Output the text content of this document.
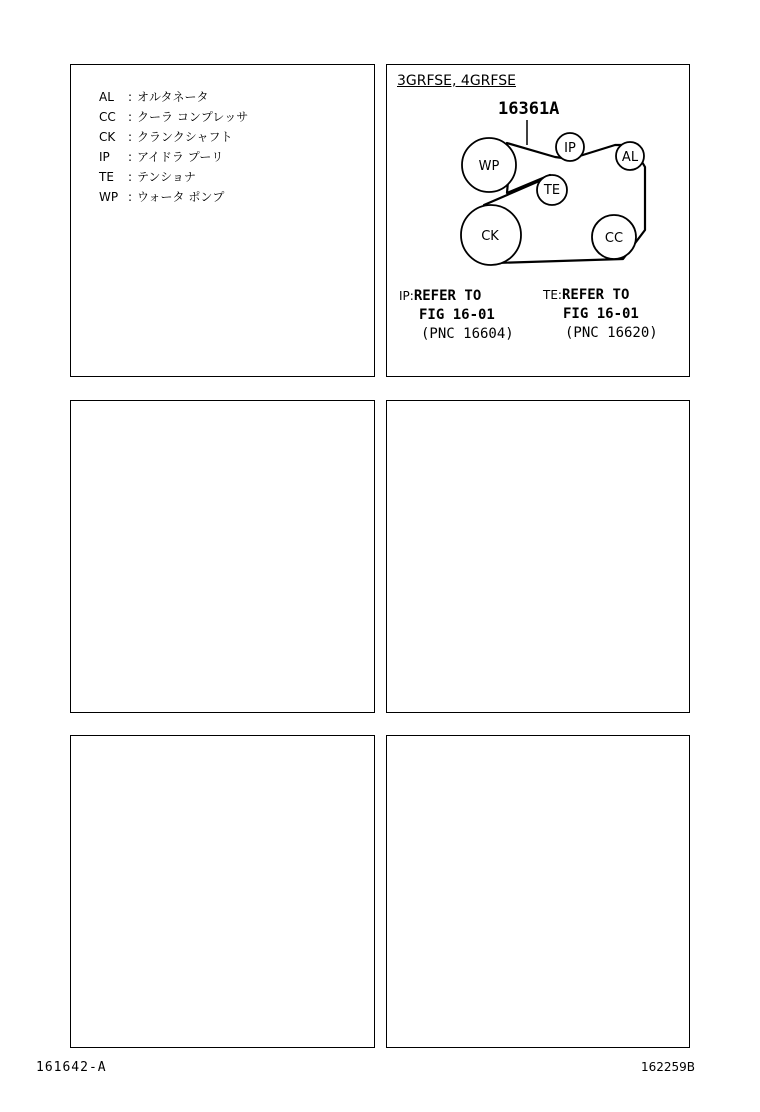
AL	: オルタネータ
CC	: クーラ コンプレッサ
CK	: クランクシャフト
IP	: アイドラ プーリ
TE	: テンショナ
WP : ウォータ ポンプ
WP
IP
AL
TE
CK	CC
3GRFSE, 4GRFSE
16361A
IP:REFER TO
FIG 16-01
(PNC 16604)
TE:REFER TO
FIG 16-01
(PNC 16620)
161642-A	162259B
